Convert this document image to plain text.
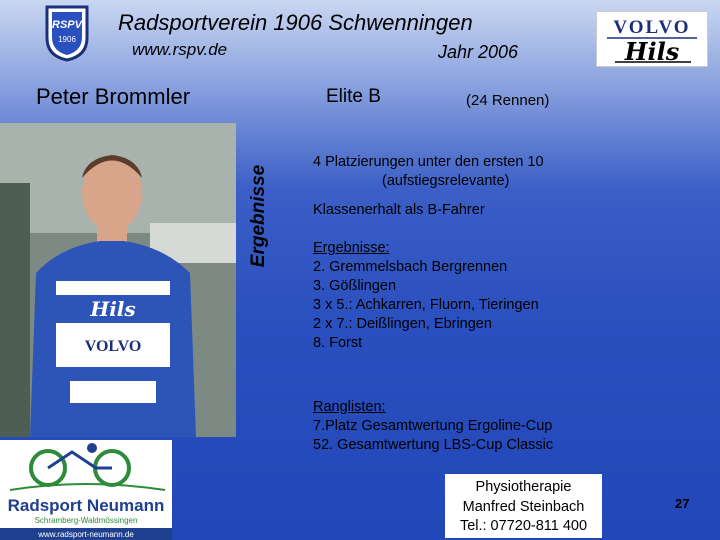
RSPV
1906
Radsportverein 1906 Schwenningen
www.rspv.de	Jahr 2006
VOLVO
Hils
Peter Brommler	Elite B	(24 Rennen)
VOLVO
Hils
Ergebnisse
4 Platzierungen unter den ersten 10
(aufstiegsrelevante)
Klassenerhalt als B-Fahrer
Ergebnisse:
2. Gremmelsbach Bergrennen
3. Gößlingen
3 x 5.: Achkarren, Fluorn, Tieringen
2 x 7.: Deißlingen, Ebringen
8. Forst
Ranglisten:
7.Platz Gesamtwertung Ergoline-Cup
52. Gesamtwertung LBS-Cup Classic
Radsport Neumann
Schramberg-Waldmössingen
www.radsport-neumann.de
Physiotherapie
Manfred Steinbach
Tel.: 07720-811 400
27
